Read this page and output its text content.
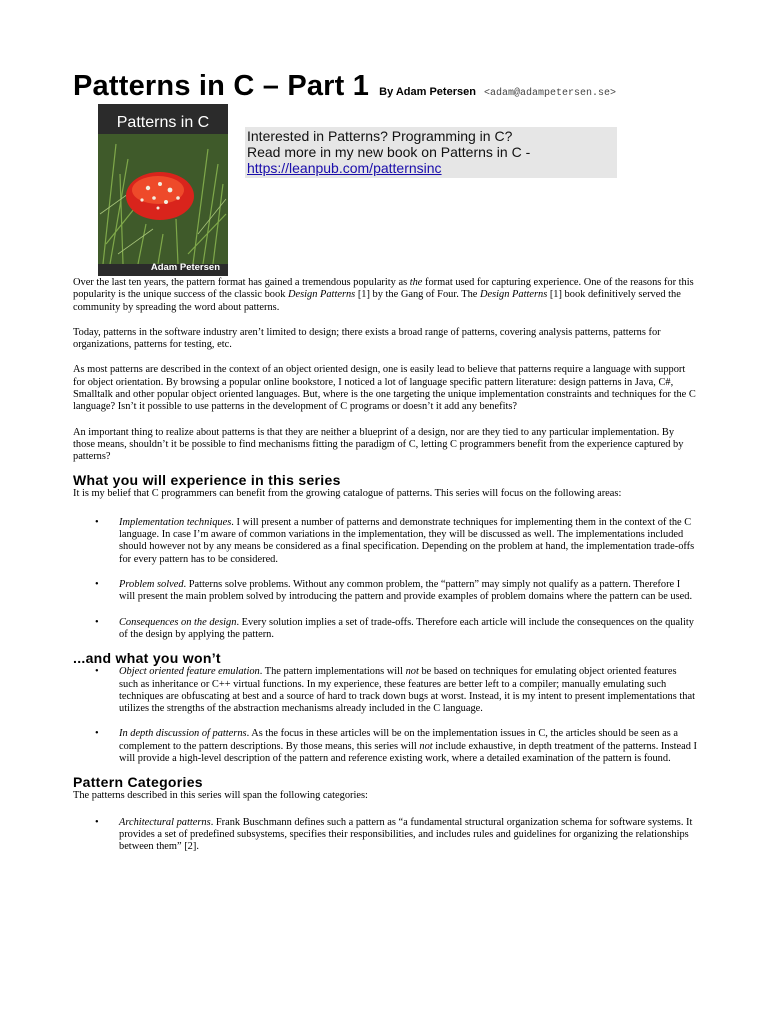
Patterns in C – Part 1 By Adam Petersen <adam@adampetersen.se>
Patterns in C
Adam Petersen
Interested in Patterns? Programming in C?
Read more in my new book on Patterns in C -
https://leanpub.com/patternsinc

Over the last ten years, the pattern format has gained a tremendous popularity as the format used for capturing experience. One of the reasons for this popularity is the unique success of the classic book Design Patterns [1] by the Gang of Four. The Design Patterns [1] book definitively served the community by spreading the word about patterns.

Today, patterns in the software industry aren’t limited to design; there exists a broad range of patterns, covering analysis patterns, patterns for organizations, patterns for testing, etc.

As most patterns are described in the context of an object oriented design, one is easily lead to believe that patterns require a language with support for object orientation. By browsing a popular online bookstore, I noticed a lot of language specific pattern literature: design patterns in Java, C#, Smalltalk and other popular object oriented languages. But, where is the one targeting the unique implementation constraints and techniques for the C language? Isn’t it possible to use patterns in the development of C programs or doesn’t it add any benefits?

An important thing to realize about patterns is that they are neither a blueprint of a design, nor are they tied to any particular implementation. By those means, shouldn’t it be possible to find mechanisms fitting the paradigm of C, letting C programmers benefit from the experience captured by patterns?

What you will experience in this series

It is my belief that C programmers can benefit from the growing catalogue of patterns. This series will focus on the following areas:

• Implementation techniques. I will present a number of patterns and demonstrate techniques for implementing them in the context of the C language. In case I’m aware of common variations in the implementation, they will be discussed as well. The implementations included should however not by any means be considered as a final specification. Depending on the problem at hand, the implementation trade-offs for every pattern has to be considered.
• Problem solved. Patterns solve problems. Without any common problem, the “pattern” may simply not qualify as a pattern. Therefore I will present the main problem solved by introducing the pattern and provide examples of problem domains where the pattern can be used.
• Consequences on the design. Every solution implies a set of trade-offs. Therefore each article will include the consequences on the quality of the design by applying the pattern.
...and what you won’t
• Object oriented feature emulation. The pattern implementations will not be based on techniques for emulating object oriented features such as inheritance or C++ virtual functions. In my experience, these features are better left to a compiler; manually emulating such techniques are obfuscating at best and a source of hard to track down bugs at worst. Instead, it is my intent to present implementations that utilizes the strengths of the abstraction mechanisms already included in the C language.
• In depth discussion of patterns. As the focus in these articles will be on the implementation issues in C, the articles should be seen as a complement to the pattern descriptions. By those means, this series will not include exhaustive, in depth treatment of the patterns. Instead I will provide a high-level description of the pattern and reference existing work, where a detailed examination of the pattern is found.
Pattern Categories

The patterns described in this series will span the following categories:

• Architectural patterns. Frank Buschmann defines such a pattern as “a fundamental structural organization schema for software systems. It provides a set of predefined subsystems, specifies their responsibilities, and includes rules and guidelines for organizing the relationships between them” [2].
